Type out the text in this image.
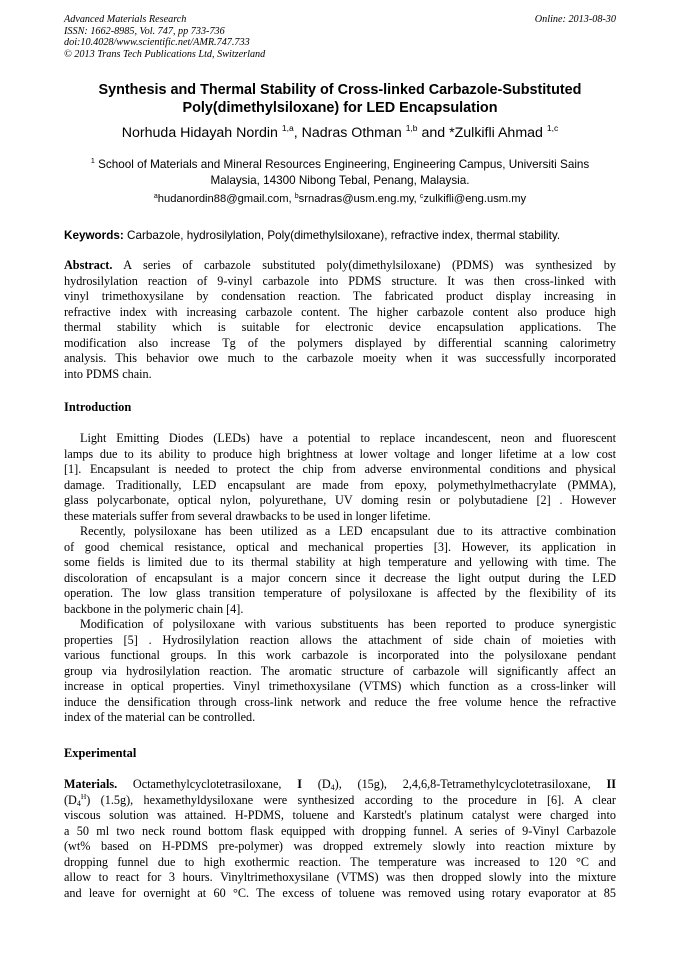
Advanced Materials Research
ISSN: 1662-8985, Vol. 747, pp 733-736
doi:10.4028/www.scientific.net/AMR.747.733
© 2013 Trans Tech Publications Ltd, Switzerland
Online: 2013-08-30
Synthesis and Thermal Stability of Cross-linked Carbazole-Substituted
Poly(dimethylsiloxane) for LED Encapsulation
Norhuda Hidayah Nordin $^{1,a}$, Nadras Othman $^{1,b}$ and *Zulkifli Ahmad $^{1,c}$
$^1$ School of Materials and Mineral Resources Engineering, Engineering Campus, Universiti Sains
Malaysia, 14300 Nibong Tebal, Penang, Malaysia.
$^a$hudanordin88@gmail.com, $^b$srnadras@usm.eng.my, $^c$zulkifli@eng.usm.my
Keywords: Carbazole, hydrosilylation, Poly(dimethylsiloxane), refractive index, thermal stability.
Abstract. A series of carbazole substituted poly(dimethylsiloxane) (PDMS) was synthesized by
hydrosilylation reaction of 9-vinyl carbazole into PDMS structure. It was then cross-linked with
vinyl trimethoxysilane by condensation reaction. The fabricated product display increasing in
refractive index with increasing carbazole content. The higher carbazole content also produce high
thermal stability which is suitable for electronic device encapsulation applications. The
modification also increase Tg of the polymers displayed by differential scanning calorimetry
analysis. This behavior owe much to the carbazole moeity when it was successfully incorporated
into PDMS chain.
Introduction
Light Emitting Diodes (LEDs) have a potential to replace incandescent, neon and fluorescent
lamps due to its ability to produce high brightness at lower voltage and longer lifetime at a low cost
[1]. Encapsulant is needed to protect the chip from adverse environmental conditions and physical
damage. Traditionally, LED encapsulant are made from epoxy, polymethylmethacrylate (PMMA),
glass polycarbonate, optical nylon, polyurethane, UV doming resin or polybutadiene [2] . However
these materials suffer from several drawbacks to be used in longer lifetime.
Recently, polysiloxane has been utilized as a LED encapsulant due to its attractive combination
of good chemical resistance, optical and mechanical properties [3]. However, its application in
some fields is limited due to its thermal stability at high temperature and yellowing with time. The
discoloration of encapsulant is a major concern since it decrease the light output during the LED
operation. The low glass transition temperature of polysiloxane is affected by the flexibility of its
backbone in the polymeric chain [4].
Modification of polysiloxane with various substituents has been reported to produce synergistic
properties [5] . Hydrosilylation reaction allows the attachment of side chain of moieties with
various functional groups. In this work carbazole is incorporated into the polysiloxane pendant
group via hydrosilylation reaction. The aromatic structure of carbazole will significantly affect an
increase in optical properties. Vinyl trimethoxysilane (VTMS) which function as a cross-linker will
induce the densification through cross-link network and reduce the free volume hence the refractive
index of the material can be controlled.
Experimental
Materials. Octamethylcyclotetrasiloxane, I $(D_4)$, (15g), 2,4,6,8-Tetramethylcyclotetrasiloxane, II
$(D_4^H)$ (1.5g), hexamethyldysiloxane were synthesized according to the procedure in [6]. A clear
viscous solution was attained. H-PDMS, toluene and Karstedt's platinum catalyst were charged into
a 50 ml two neck round bottom flask equipped with dropping funnel. A series of 9-Vinyl Carbazole
(wt% based on H-PDMS pre-polymer) was dropped extremely slowly into reaction mixture by
dropping funnel due to high exothermic reaction. The temperature was increased to 120 °C and
allow to react for 3 hours. Vinyltrimethoxysilane (VTMS) was then dropped slowly into the mixture
and leave for overnight at 60 °C. The excess of toluene was removed using rotary evaporator at 85
